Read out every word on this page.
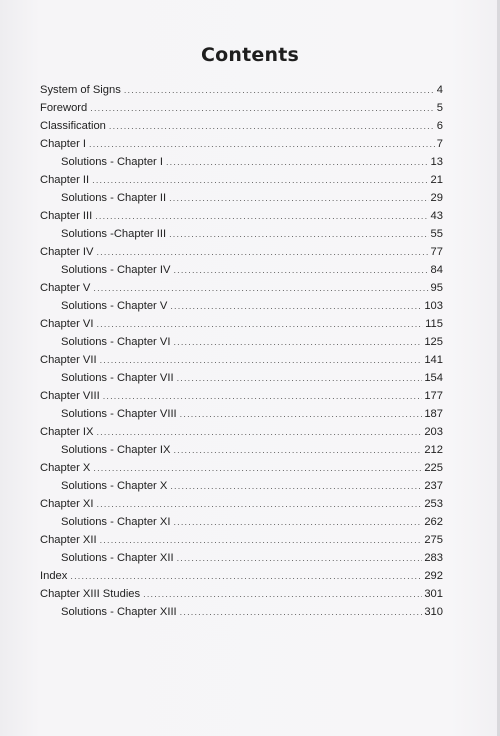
Contents
System of Signs .....	4
Foreword .....	5
Classification .....	6
Chapter I .....	7
Solutions - Chapter I .....	13
Chapter II .....	21
Solutions - Chapter II .....	29
Chapter III .....	43
Solutions -Chapter III .....	55
Chapter IV .....	77
Solutions - Chapter IV .....	84
Chapter V .....	95
Solutions - Chapter V .....	103
Chapter VI .....	115
Solutions - Chapter VI .....	125
Chapter VII .....	141
Solutions - Chapter VII .....	154
Chapter VIII .....	177
Solutions - Chapter VIII .....	187
Chapter IX .....	203
Solutions - Chapter IX .....	212
Chapter X .....	225
Solutions - Chapter X .....	237
Chapter XI .....	253
Solutions - Chapter XI .....	262
Chapter XII .....	275
Solutions - Chapter XII .....	283
Index .....	292
Chapter XIII Studies .....	301
Solutions - Chapter XIII .....	310
